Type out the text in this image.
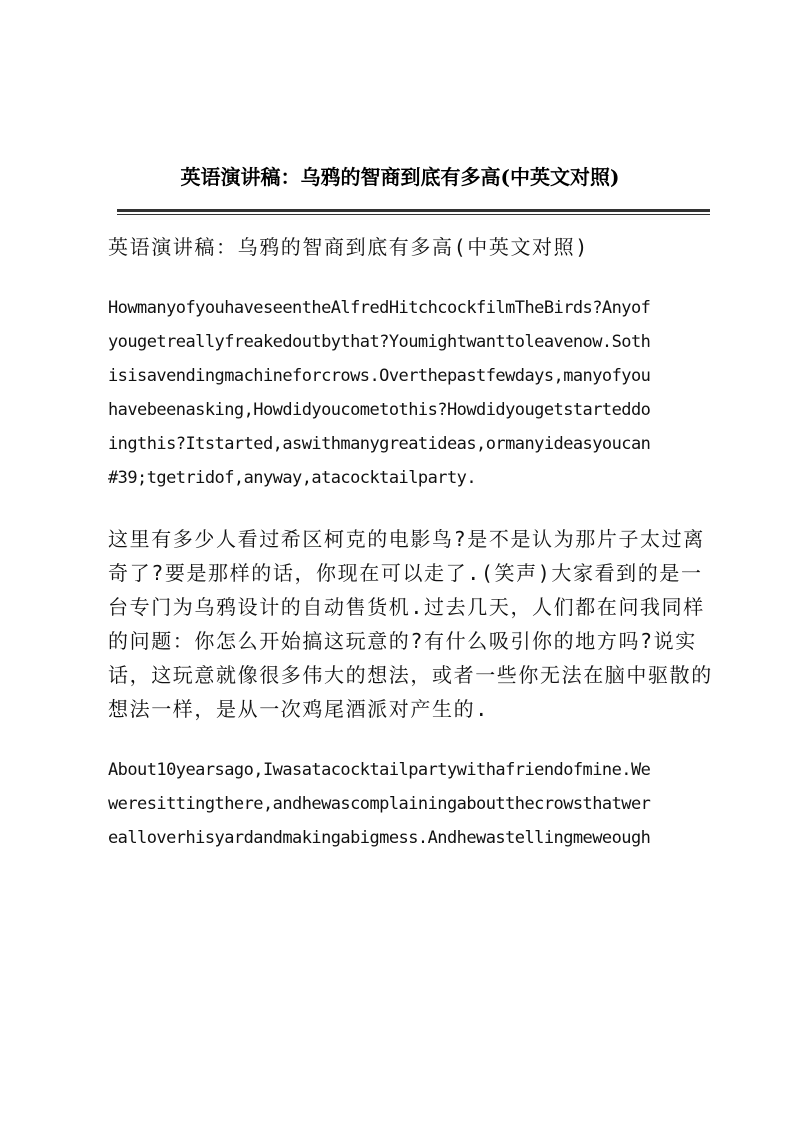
英语演讲稿：乌鸦的智商到底有多高(中英文对照)
英语演讲稿：乌鸦的智商到底有多高(中英文对照)
HowmanyofyouhaveseentheAlfredHitchcockfilmTheBirds?Anyof
yougetreallyfreakedoutbythat?Youmightwanttoleavenow.Soth
isisavendingmachineforcrows.Overthepastfewdays,manyofyou
havebeenasking,Howdidyoucometothis?Howdidyougetstarteddo
ingthis?Itstarted,aswithmanygreatideas,ormanyideasyoucan
#39;tgetridof,anyway,atacocktailparty.
这里有多少人看过希区柯克的电影鸟?是不是认为那片子太过离
奇了?要是那样的话，你现在可以走了.(笑声)大家看到的是一
台专门为乌鸦设计的自动售货机.过去几天，人们都在问我同样
的问题：你怎么开始搞这玩意的?有什么吸引你的地方吗?说实
话，这玩意就像很多伟大的想法，或者一些你无法在脑中驱散的
想法一样，是从一次鸡尾酒派对产生的.
About10yearsago,Iwasatacocktailpartywithafriendofmine.We
weresittingthere,andhewascomplainingaboutthecrowsthatwer
ealloverhisyardandmakingabigmess.Andhewastellingmeweough
